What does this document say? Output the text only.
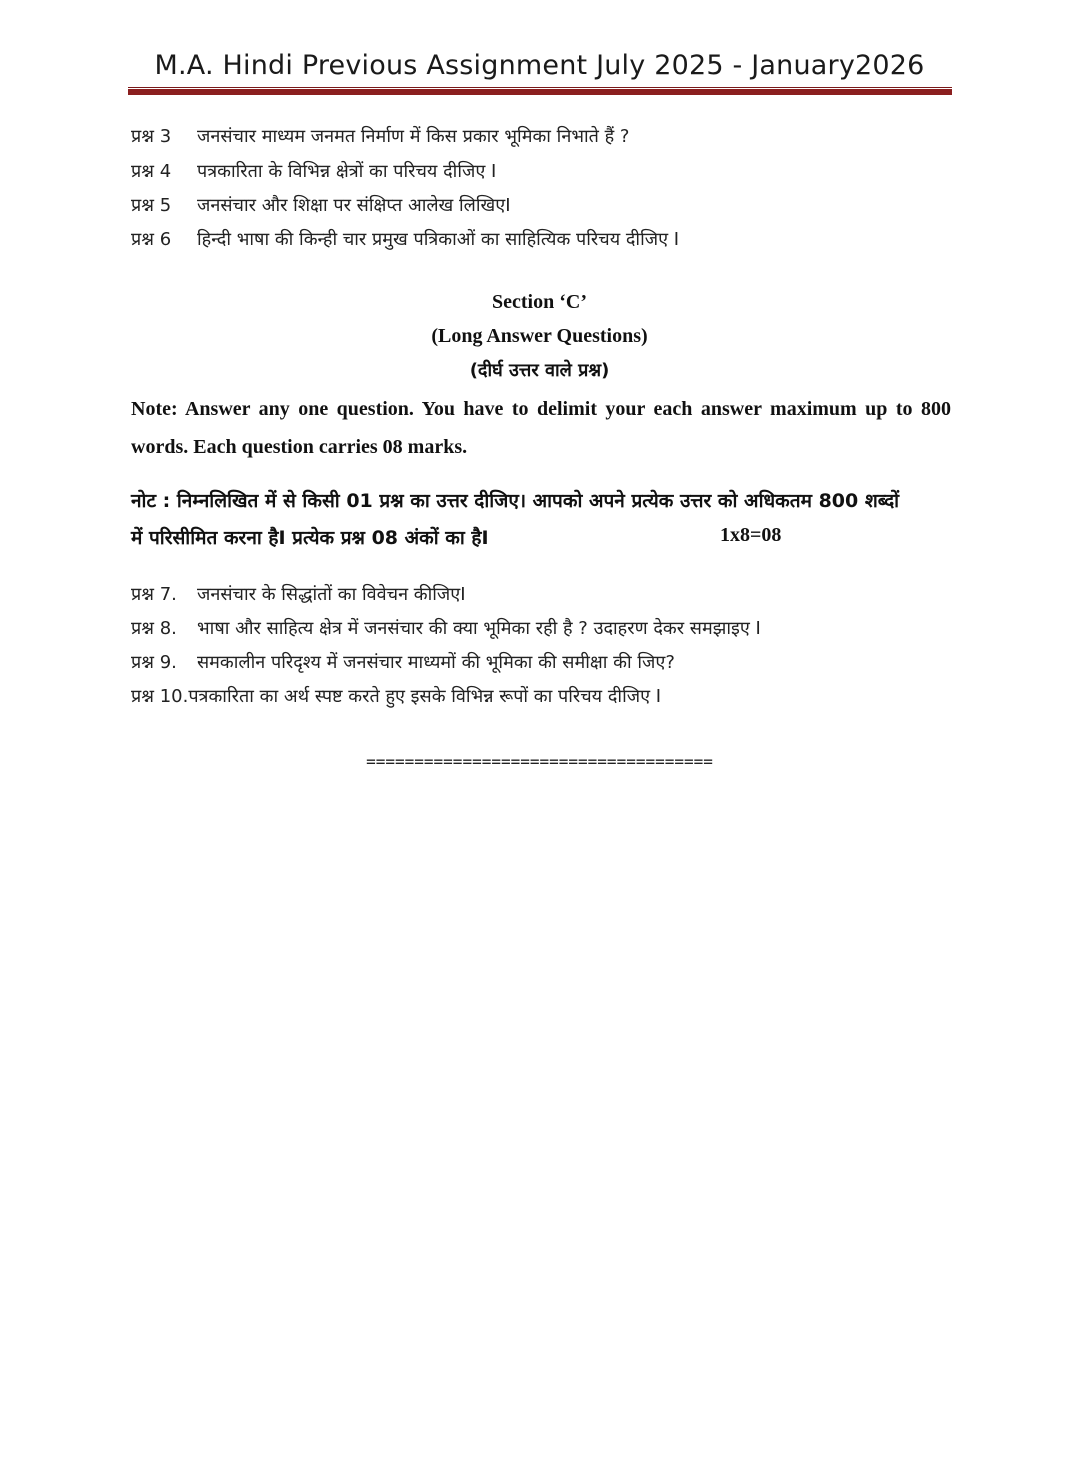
M.A. Hindi Previous Assignment July 2025 - January2026
प्रश्न 3 जनसंचार माध्यम जनमत निर्माण में किस प्रकार भूमिका निभाते हैं ?
प्रश्न 4 पत्रकारिता के विभिन्न क्षेत्रों का परिचय दीजिए I
प्रश्न 5 जनसंचार और शिक्षा पर संक्षिप्त आलेख लिखिएI
प्रश्न 6 हिन्दी भाषा की किन्ही चार प्रमुख पत्रिकाओं का साहित्यिक परिचय दीजिए I
Section ‘C’
(Long Answer Questions)
(दीर्घ उत्तर वाले प्रश्न)
Note: Answer any one question. You have to delimit your each answer maximum up to 800 words. Each question carries 08 marks.
नोट : निम्नलिखित में से किसी 01 प्रश्न का उत्तर दीजिए। आपको अपने प्रत्येक उत्तर को अधिकतम 800 शब्दों
में परिसीमित करना हैI प्रत्येक प्रश्न 08 अंकों का हैI	1x8=08
प्रश्न 7. जनसंचार के सिद्धांतों का विवेचन कीजिएI
प्रश्न 8. भाषा और साहित्य क्षेत्र में जनसंचार की क्या भूमिका रही है ? उदाहरण देकर समझाइए I
प्रश्न 9. समकालीन परिदृश्य में जनसंचार माध्यमों की भूमिका की समीक्षा की जिए?
प्रश्न 10.पत्रकारिता का अर्थ स्पष्ट करते हुए इसके विभिन्न रूपों का परिचय दीजिए I
====================================
